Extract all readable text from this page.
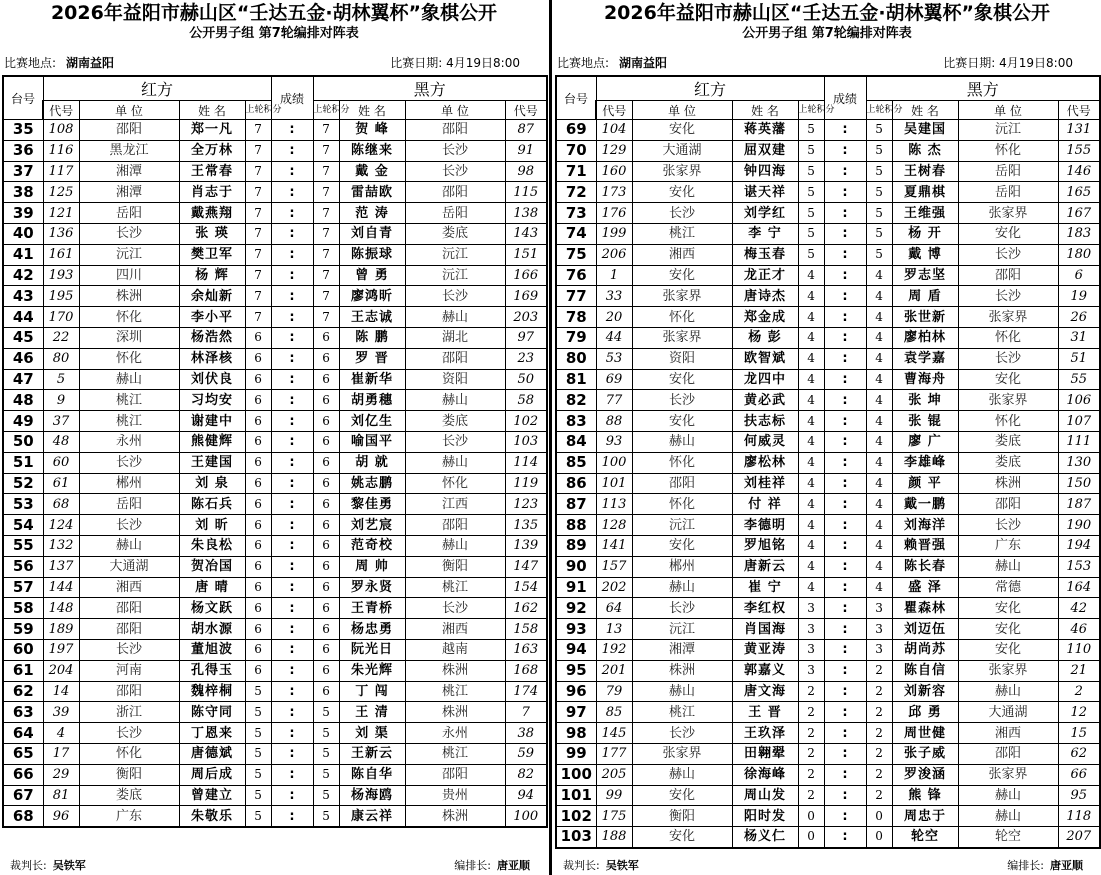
2026年益阳市赫山区“壬达五金·胡林翼杯”象棋公开
公开男子组 第7轮编排对阵表
比赛地点: 湖南益阳	比赛日期: 4月19日8:00
台号	红方				成绩	黑方			
	代号	单 位	姓 名	上轮积分		上轮积分	姓 名	单 位	代号
35	108	邵阳	郑一凡	7	:	7	贺 峰	邵阳	87
36	116	黑龙江	全万林	7	:	7	陈继来	长沙	91
37	117	湘潭	王常春	7	:	7	戴 金	长沙	98
38	125	湘潭	肖志于	7	:	7	雷喆欧	邵阳	115
39	121	岳阳	戴燕翔	7	:	7	范 涛	岳阳	138
40	136	长沙	张 瑛	7	:	7	刘自青	娄底	143
41	161	沅江	樊卫军	7	:	7	陈振球	沅江	151
42	193	四川	杨 辉	7	:	7	曾 勇	沅江	166
43	195	株洲	余灿新	7	:	7	廖鸿昕	长沙	169
44	170	怀化	李小平	7	:	7	王志诚	赫山	203
45	22	深圳	杨浩然	6	:	6	陈 鹏	湖北	97
46	80	怀化	林泽核	6	:	6	罗 晋	邵阳	23
47	5	赫山	刘伏良	6	:	6	崔新华	资阳	50
48	9	桃江	习均安	6	:	6	胡勇穗	赫山	58
49	37	桃江	谢建中	6	:	6	刘亿生	娄底	102
50	48	永州	熊健辉	6	:	6	喻国平	长沙	103
51	60	长沙	王建国	6	:	6	胡 就	赫山	114
52	61	郴州	刘 泉	6	:	6	姚志鹏	怀化	119
53	68	岳阳	陈石兵	6	:	6	黎佳勇	江西	123
54	124	长沙	刘 昕	6	:	6	刘艺宸	邵阳	135
55	132	赫山	朱良松	6	:	6	范奇校	赫山	139
56	137	大通湖	贺冶国	6	:	6	周 帅	衡阳	147
57	144	湘西	唐 晴	6	:	6	罗永贤	桃江	154
58	148	邵阳	杨文跃	6	:	6	王青桥	长沙	162
59	189	邵阳	胡水源	6	:	6	杨忠勇	湘西	158
60	197	长沙	董旭波	6	:	6	阮光日	越南	163
61	204	河南	孔得玉	6	:	6	朱光辉	株洲	168
62	14	邵阳	魏梓桐	5	:	6	丁 闯	桃江	174
63	39	浙江	陈守同	5	:	5	王 清	株洲	7
64	4	长沙	丁恩来	5	:	5	刘 渠	永州	38
65	17	怀化	唐德斌	5	:	5	王新云	桃江	59
66	29	衡阳	周后成	5	:	5	陈自华	邵阳	82
67	81	娄底	曾建立	5	:	5	杨海鸥	贵州	94
68	96	广东	朱敬乐	5	:	5	康云祥	株洲	100
裁判长: 吴铁军	编排长: 唐亚顺
2026年益阳市赫山区“壬达五金·胡林翼杯”象棋公开
公开男子组 第7轮编排对阵表
比赛地点: 湖南益阳	比赛日期: 4月19日8:00
台号	红方				成绩	黑方			
	代号	单 位	姓 名	上轮积分		上轮积分	姓 名	单 位	代号
69	104	安化	蒋英藩	5	:	5	吴建国	沅江	131
70	129	大通湖	屈双建	5	:	5	陈 杰	怀化	155
71	160	张家界	钟四海	5	:	5	王树春	岳阳	146
72	173	安化	谌天祥	5	:	5	夏鼎棋	岳阳	165
73	176	长沙	刘学红	5	:	5	王维强	张家界	167
74	199	桃江	李 宁	5	:	5	杨 开	安化	183
75	206	湘西	梅玉春	5	:	5	戴 博	长沙	180
76	1	安化	龙正才	4	:	4	罗志坚	邵阳	6
77	33	张家界	唐诗杰	4	:	4	周 盾	长沙	19
78	20	怀化	郑金成	4	:	4	张世新	张家界	26
79	44	张家界	杨 彭	4	:	4	廖柏林	怀化	31
80	53	资阳	欧智斌	4	:	4	袁学嘉	长沙	51
81	69	安化	龙四中	4	:	4	曹海舟	安化	55
82	77	长沙	黄必武	4	:	4	张 坤	张家界	106
83	88	安化	扶志标	4	:	4	张 锟	怀化	107
84	93	赫山	何威灵	4	:	4	廖 广	娄底	111
85	100	怀化	廖松林	4	:	4	李雄峰	娄底	130
86	101	邵阳	刘桂祥	4	:	4	颜 平	株洲	150
87	113	怀化	付 祥	4	:	4	戴一鹏	邵阳	187
88	128	沅江	李德明	4	:	4	刘海洋	长沙	190
89	141	安化	罗旭铭	4	:	4	赖晋强	广东	194
90	157	郴州	唐新云	4	:	4	陈长春	赫山	153
91	202	赫山	崔 宁	4	:	4	盛 泽	常德	164
92	64	长沙	李红权	3	:	3	瞿森林	安化	42
93	13	沅江	肖国海	3	:	3	刘迈伍	安化	46
94	192	湘潭	黄亚涛	3	:	3	胡尚苏	安化	110
95	201	株洲	郭嘉义	3	:	2	陈自信	张家界	21
96	79	赫山	唐文海	2	:	2	刘新容	赫山	2
97	85	桃江	王 晋	2	:	2	邱 勇	大通湖	12
98	145	长沙	王玖泽	2	:	2	周世健	湘西	15
99	177	张家界	田翱翚	2	:	2	张子威	邵阳	62
100	205	赫山	徐海峰	2	:	2	罗浚涵	张家界	66
101	99	安化	周山发	2	:	2	熊 锋	赫山	95
102	175	衡阳	阳时发	0	:	0	周忠于	赫山	118
103	188	安化	杨义仁	0	:	0	轮空	轮空	207
裁判长: 吴铁军	编排长: 唐亚顺
